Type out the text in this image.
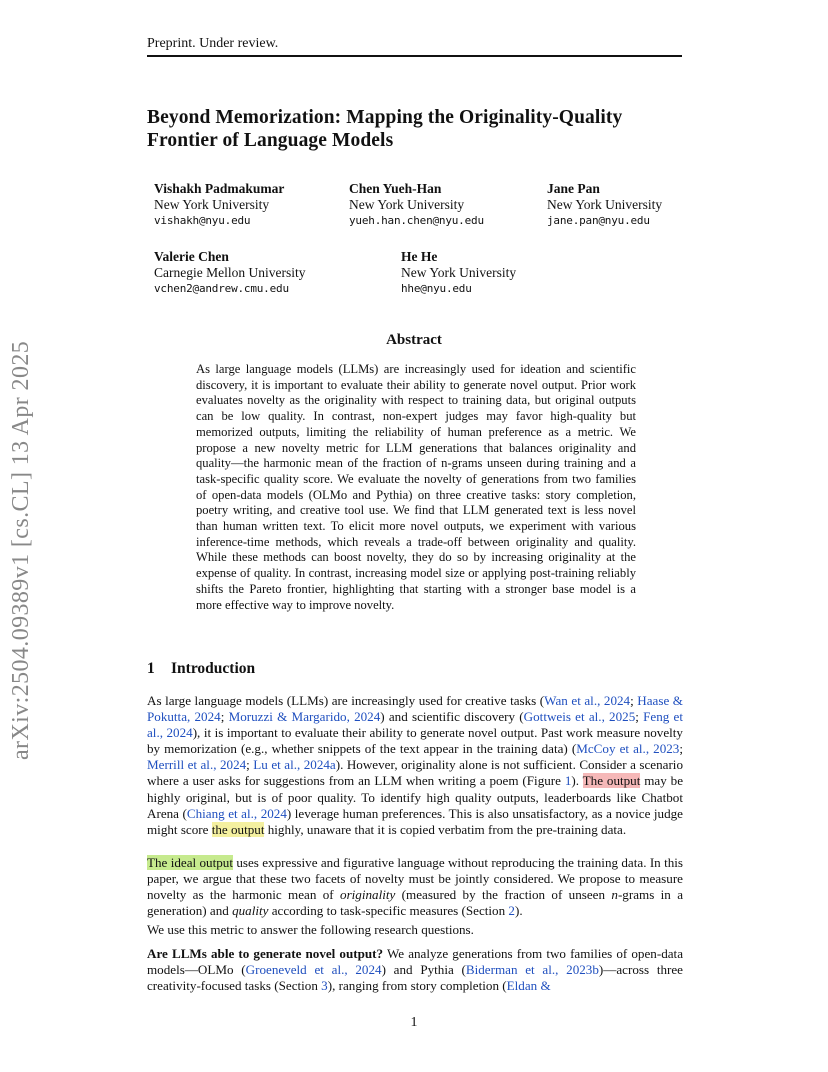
Preprint. Under review.
Beyond Memorization: Mapping the Originality-Quality Frontier of Language Models
Vishakh Padmakumar
New York University
vishakh@nyu.edu
Chen Yueh-Han
New York University
yueh.han.chen@nyu.edu
Jane Pan
New York University
jane.pan@nyu.edu
Valerie Chen
Carnegie Mellon University
vchen2@andrew.cmu.edu
He He
New York University
hhe@nyu.edu
arXiv:2504.09389v1 [cs.CL] 13 Apr 2025
Abstract
As large language models (LLMs) are increasingly used for ideation and scientific discovery, it is important to evaluate their ability to generate novel output. Prior work evaluates novelty as the originality with respect to training data, but original outputs can be low quality. In contrast, non-expert judges may favor high-quality but memorized outputs, limiting the reliability of human preference as a metric. We propose a new novelty metric for LLM generations that balances originality and quality—the harmonic mean of the fraction of n-grams unseen during training and a task-specific quality score. We evaluate the novelty of generations from two families of open-data models (OLMo and Pythia) on three creative tasks: story completion, poetry writing, and creative tool use. We find that LLM generated text is less novel than human written text. To elicit more novel outputs, we experiment with various inference-time methods, which reveals a trade-off between originality and quality. While these methods can boost novelty, they do so by increasing originality at the expense of quality. In contrast, increasing model size or applying post-training reliably shifts the Pareto frontier, highlighting that starting with a stronger base model is a more effective way to improve novelty.
1 Introduction
As large language models (LLMs) are increasingly used for creative tasks (Wan et al., 2024; Haase & Pokutta, 2024; Moruzzi & Margarido, 2024) and scientific discovery (Gottweis et al., 2025; Feng et al., 2024), it is important to evaluate their ability to generate novel output. Past work measure novelty by memorization (e.g., whether snippets of the text appear in the training data) (McCoy et al., 2023; Merrill et al., 2024; Lu et al., 2024a). However, originality alone is not sufficient. Consider a scenario where a user asks for suggestions from an LLM when writing a poem (Figure 1). The output may be highly original, but is of poor quality. To identify high quality outputs, leaderboards like Chatbot Arena (Chiang et al., 2024) leverage human preferences. This is also unsatisfactory, as a novice judge might score the output highly, unaware that it is copied verbatim from the pre-training data.
The ideal output uses expressive and figurative language without reproducing the training data. In this paper, we argue that these two facets of novelty must be jointly considered. We propose to measure novelty as the harmonic mean of originality (measured by the fraction of unseen n-grams in a generation) and quality according to task-specific measures (Section 2).
We use this metric to answer the following research questions.
Are LLMs able to generate novel output? We analyze generations from two families of open-data models—OLMo (Groeneveld et al., 2024) and Pythia (Biderman et al., 2023b)—across three creativity-focused tasks (Section 3), ranging from story completion (Eldan &
1
